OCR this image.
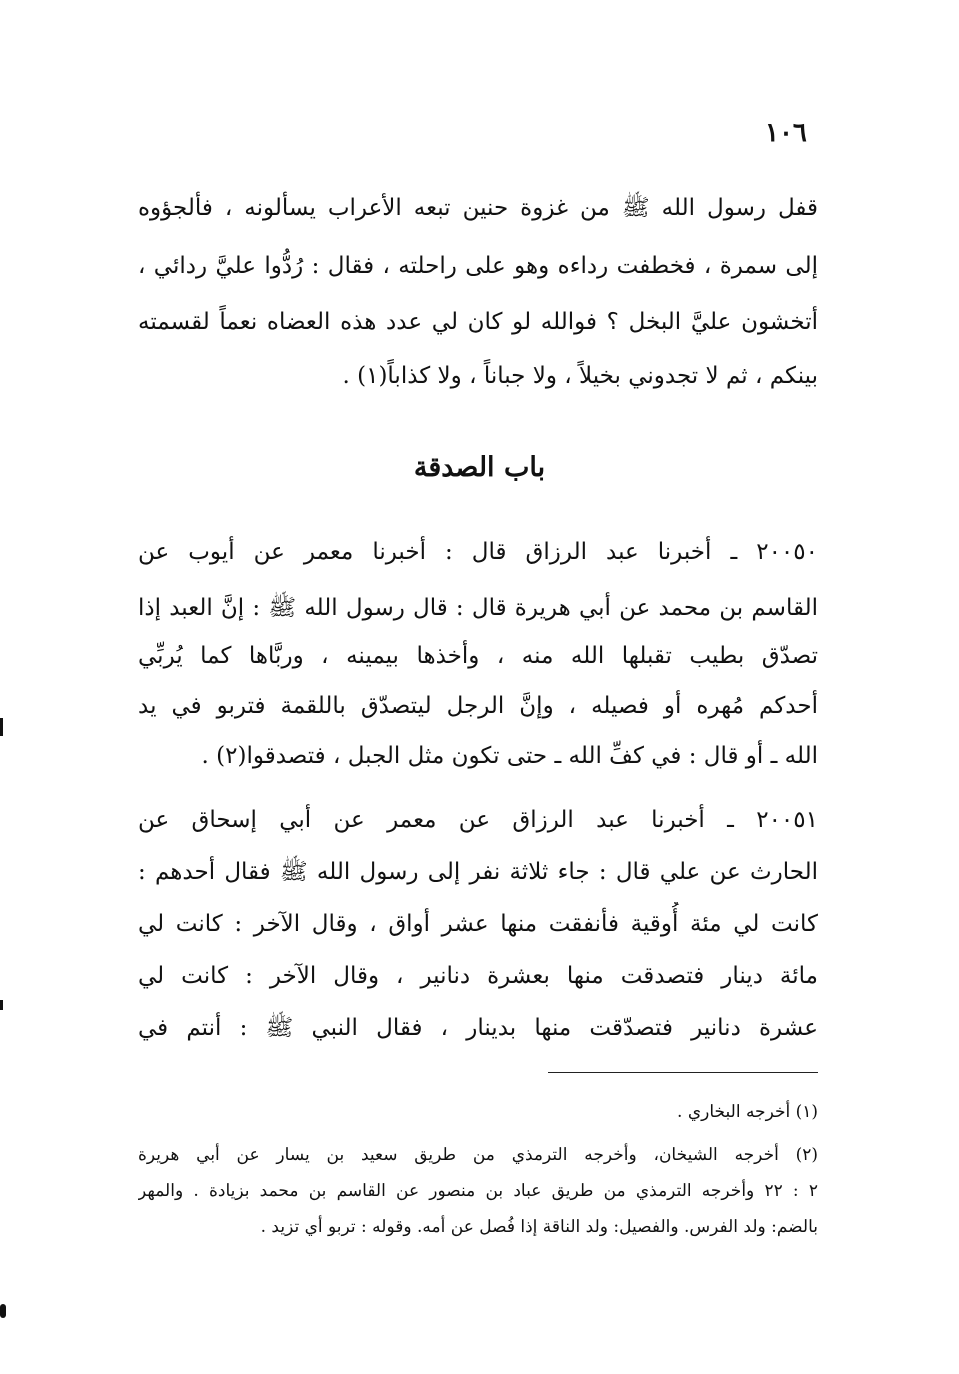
١٠٦
قفل رسول الله ﷺ من غزوة حنين تبعه الأعراب يسألونه ، فألجؤوه
إلى سمرة ، فخطفت رداءه وهو على راحلته ، فقال : رُدُّوا عليَّ ردائي ،
أتخشون عليَّ البخل ؟ فوالله لو كان لي عدد هذه العضاه نعماً لقسمته
بينكم ، ثم لا تجدوني بخيلاً ، ولا جباناً ، ولا كذاباً(١) .
باب الصدقة
٢٠٠٥٠ ـ أخبرنا عبد الرزاق قال : أخبرنا معمر عن أيوب عن
القاسم بن محمد عن أبي هريرة قال : قال رسول الله ﷺ : إنَّ العبد إذا
تصدّق بطيب تقبلها الله منه ، وأخذها بيمينه ، وربَّاها كما يُربِّي
أحدكم مُهره أو فصيله ، وإنَّ الرجل ليتصدّق باللقمة فتربو في يد
الله ـ أو قال : في كفِّ الله ـ حتى تكون مثل الجبل ، فتصدقوا(٢) .
٢٠٠٥١ ـ أخبرنا عبد الرزاق عن معمر عن أبي إسحاق عن
الحارث عن علي قال : جاء ثلاثة نفر إلى رسول الله ﷺ فقال أحدهم :
كانت لي مئة أُوقية فأنفقت منها عشر أواق ، وقال الآخر : كانت لي
مائة دينار فتصدقت منها بعشرة دنانير ، وقال الآخر : كانت لي
عشرة دنانير فتصدّقت منها بدينار ، فقال النبي ﷺ : أنتم في
(١) أخرجه البخاري .
(٢) أخرجه الشيخان، وأخرجه الترمذي من طريق سعيد بن يسار عن أبي هريرة
٢ : ٢٢ وأخرجه الترمذي من طريق عباد بن منصور عن القاسم بن محمد بزيادة . والمهر
بالضم: ولد الفرس. والفصيل: ولد الناقة إذا فُصل عن أمه. وقوله : تربو أي تزيد .
